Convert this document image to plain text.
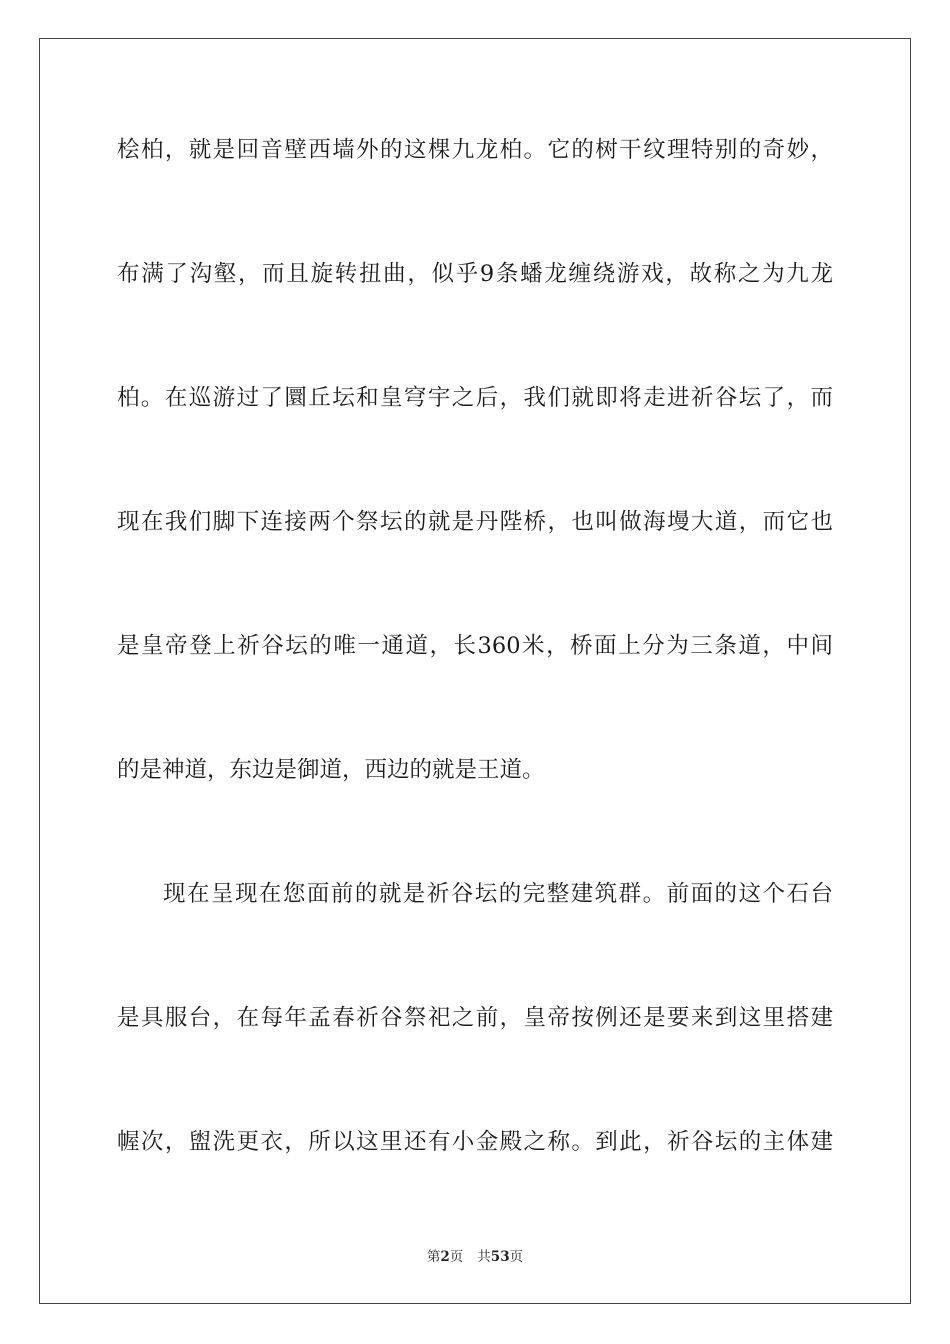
桧柏，就是回音壁西墙外的这棵九龙柏。它的树干纹理特别的奇妙，
布满了沟壑，而且旋转扭曲，似乎9条蟠龙缠绕游戏，故称之为九龙
柏。在巡游过了圜丘坛和皇穹宇之后，我们就即将走进祈谷坛了，而
现在我们脚下连接两个祭坛的就是丹陛桥，也叫做海墁大道，而它也
是皇帝登上祈谷坛的唯一通道，长360米，桥面上分为三条道，中间
的是神道，东边是御道，西边的就是王道。
现在呈现在您面前的就是祈谷坛的完整建筑群。前面的这个石台
是具服台，在每年孟春祈谷祭祀之前，皇帝按例还是要来到这里搭建
幄次，盥洗更衣，所以这里还有小金殿之称。到此，祈谷坛的主体建
第2页 共53页
